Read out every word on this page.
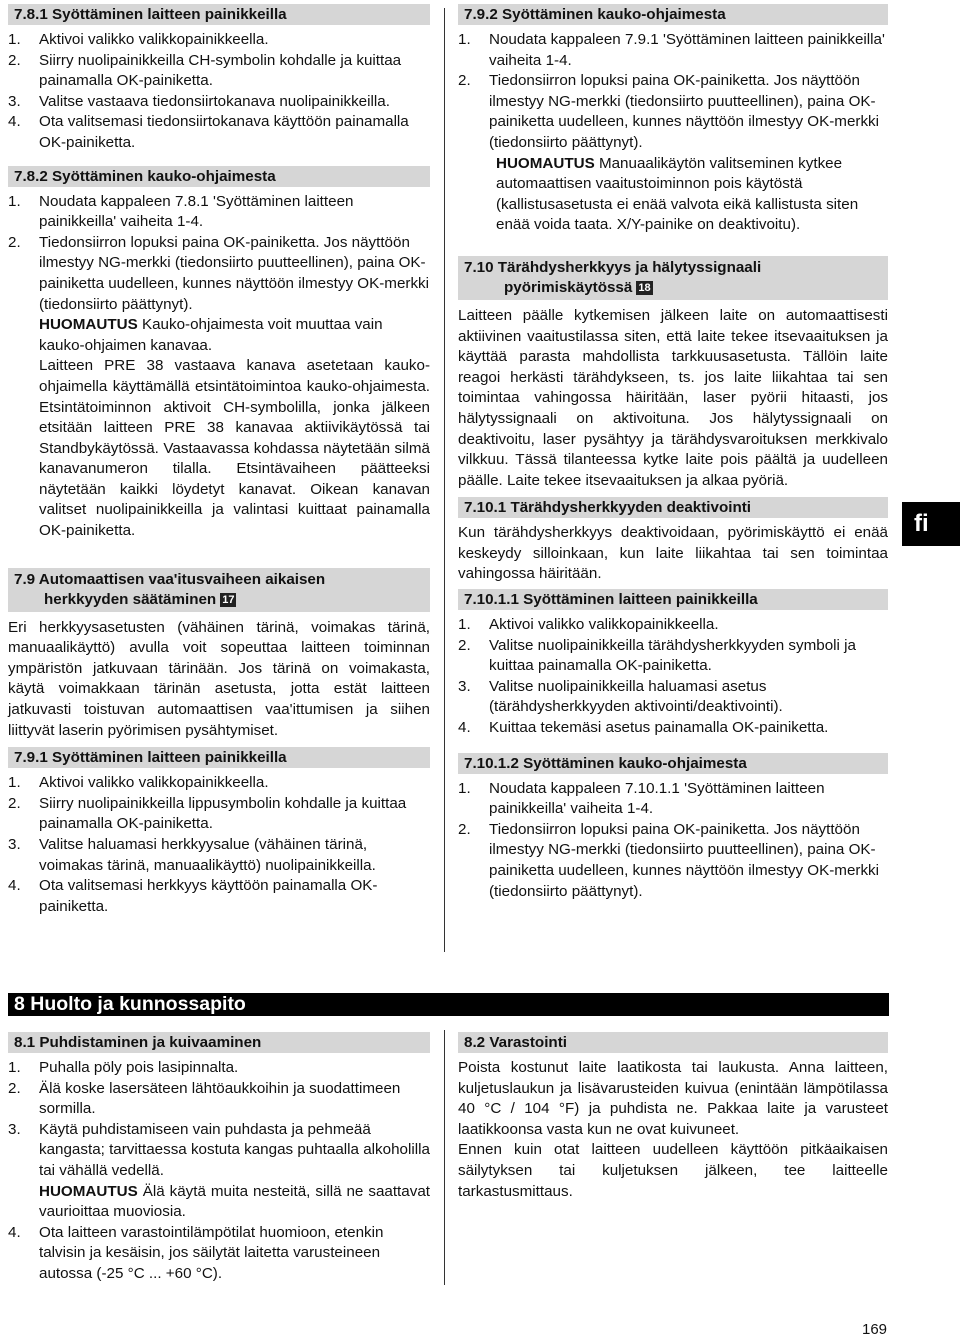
7.8.1 Syöttäminen laitteen painikkeilla
1. Aktivoi valikko valikkopainikkeella.
2. Siirry nuolipainikkeilla CH-symbolin kohdalle ja kuittaa painamalla OK-painiketta.
3. Valitse vastaava tiedonsiirtokanava nuolipainikkeilla.
4. Ota valitsemasi tiedonsiirtokanava käyttöön painamalla OK-painiketta.
7.8.2 Syöttäminen kauko-ohjaimesta
1. Noudata kappaleen 7.8.1 'Syöttäminen laitteen painikkeilla' vaiheita 1-4.
2. Tiedonsiirron lopuksi paina OK-painiketta. Jos näyttöön ilmestyy NG-merkki (tiedonsiirto puutteellinen), paina OK-painiketta uudelleen, kunnes näyttöön ilmestyy OK-merkki (tiedonsiirto päättynyt).

HUOMAUTUS Kauko-ohjaimesta voit muuttaa vain kauko-ohjaimen kanavaa.

Laitteen PRE 38 vastaava kanava asetetaan kauko-ohjaimella käyttämällä etsintätoimintoa kauko-ohjaimesta. Etsintätoiminnon aktivoit CH-symbolilla, jonka jälkeen etsitään laitteen PRE 38 kanavaa aktiivikäytössä tai Standbykäytössä. Vastaavassa kohdassa näytetään silmä kanavanumeron tilalla. Etsintävaiheen päätteeksi näytetään kaikki löydetyt kanavat. Oikean kanavan valitset nuolipainikkeilla ja valintasi kuittaat painamalla OK-painiketta.

7.9 Automaattisen vaa'itusvaiheen aikaisen
herkkyyden säätäminen 17

Eri herkkyysasetusten (vähäinen tärinä, voimakas tärinä, manuaalikäyttö) avulla voit sopeuttaa laitteen toiminnan ympäristön jatkuvaan tärinään. Jos tärinä on voimakasta, käytä voimakkaan tärinän asetusta, jotta estät laitteen jatkuvasti toistuvan automaattisen vaa'ittumisen ja siihen liittyvät laserin pyörimisen pysähtymiset.

7.9.1 Syöttäminen laitteen painikkeilla
1. Aktivoi valikko valikkopainikkeella.
2. Siirry nuolipainikkeilla lippusymbolin kohdalle ja kuittaa painamalla OK-painiketta.
3. Valitse haluamasi herkkyysalue (vähäinen tärinä, voimakas tärinä, manuaalikäyttö) nuolipainikkeilla.
4. Ota valitsemasi herkkyys käyttöön painamalla OK-painiketta.
7.9.2 Syöttäminen kauko-ohjaimesta
1. Noudata kappaleen 7.9.1 'Syöttäminen laitteen painikkeilla' vaiheita 1-4.
2. Tiedonsiirron lopuksi paina OK-painiketta. Jos näyttöön ilmestyy NG-merkki (tiedonsiirto puutteellinen), paina OK-painiketta uudelleen, kunnes näyttöön ilmestyy OK-merkki (tiedonsiirto päättynyt).

HUOMAUTUS Manuaalikäytön valitseminen kytkee automaattisen vaaitustoiminnon pois käytöstä (kallistusasetusta ei enää valvota eikä kallistusta siten enää voida taata. X/Y-painike on deaktivoitu).

7.10 Tärähdysherkkyys ja hälytyssignaali
pyörimiskäytössä 18

Laitteen päälle kytkemisen jälkeen laite on automaattisesti aktiivinen vaaitustilassa siten, että laite tekee itsevaaituksen ja käyttää parasta mahdollista tarkkuusasetusta. Tällöin laite reagoi herkästi tärähdykseen, ts. jos laite liikahtaa tai sen toimintaa vahingossa häiritään, laser pyörii hitaasti, jos hälytyssignaali on aktivoituna. Jos hälytyssignaali on deaktivoitu, laser pysähtyy ja tärähdysvaroituksen merkkivalo vilkkuu. Tässä tilanteessa kytke laite pois päältä ja uudelleen päälle. Laite tekee itsevaaituksen ja alkaa pyöriä.

7.10.1 Tärähdysherkkyyden deaktivointi

Kun tärähdysherkkyys deaktivoidaan, pyörimiskäyttö ei enää keskeydy silloinkaan, kun laite liikahtaa tai sen toimintaa vahingossa häiritään.

7.10.1.1 Syöttäminen laitteen painikkeilla
1. Aktivoi valikko valikkopainikkeella.
2. Valitse nuolipainikkeilla tärähdysherkkyyden symboli ja kuittaa painamalla OK-painiketta.
3. Valitse nuolipainikkeilla haluamasi asetus (tärähdysherkkyyden aktivointi/deaktivointi).
4. Kuittaa tekemäsi asetus painamalla OK-painiketta.
7.10.1.2 Syöttäminen kauko-ohjaimesta
1. Noudata kappaleen 7.10.1.1 'Syöttäminen laitteen painikkeilla' vaiheita 1-4.
2. Tiedonsiirron lopuksi paina OK-painiketta. Jos näyttöön ilmestyy NG-merkki (tiedonsiirto puutteellinen), paina OK-painiketta uudelleen, kunnes näyttöön ilmestyy OK-merkki (tiedonsiirto päättynyt).
fi
8 Huolto ja kunnossapito
8.1 Puhdistaminen ja kuivaaminen
1. Puhalla pöly pois lasipinnalta.
2. Älä koske lasersäteen lähtöaukkoihin ja suodattimeen sormilla.
3. Käytä puhdistamiseen vain puhdasta ja pehmeää kangasta; tarvittaessa kostuta kangas puhtaalla alkoholilla tai vähällä vedellä.

HUOMAUTUS Älä käytä muita nesteitä, sillä ne saattavat vaurioittaa muoviosia.

4. Ota laitteen varastointilämpötilat huomioon, etenkin talvisin ja kesäisin, jos säilytät laitetta varusteineen autossa (-25 °C ... +60 °C).
8.2 Varastointi

Poista kostunut laite laatikosta tai laukusta. Anna laitteen, kuljetuslaukun ja lisävarusteiden kuivua (enintään lämpötilassa 40 °C / 104 °F) ja puhdista ne. Pakkaa laite ja varusteet laatikkoonsa vasta kun ne ovat kuivuneet.

Ennen kuin otat laitteen uudelleen käyttöön pitkäaikaisen säilytyksen tai kuljetuksen jälkeen, tee laitteelle tarkastusmittaus.

169
